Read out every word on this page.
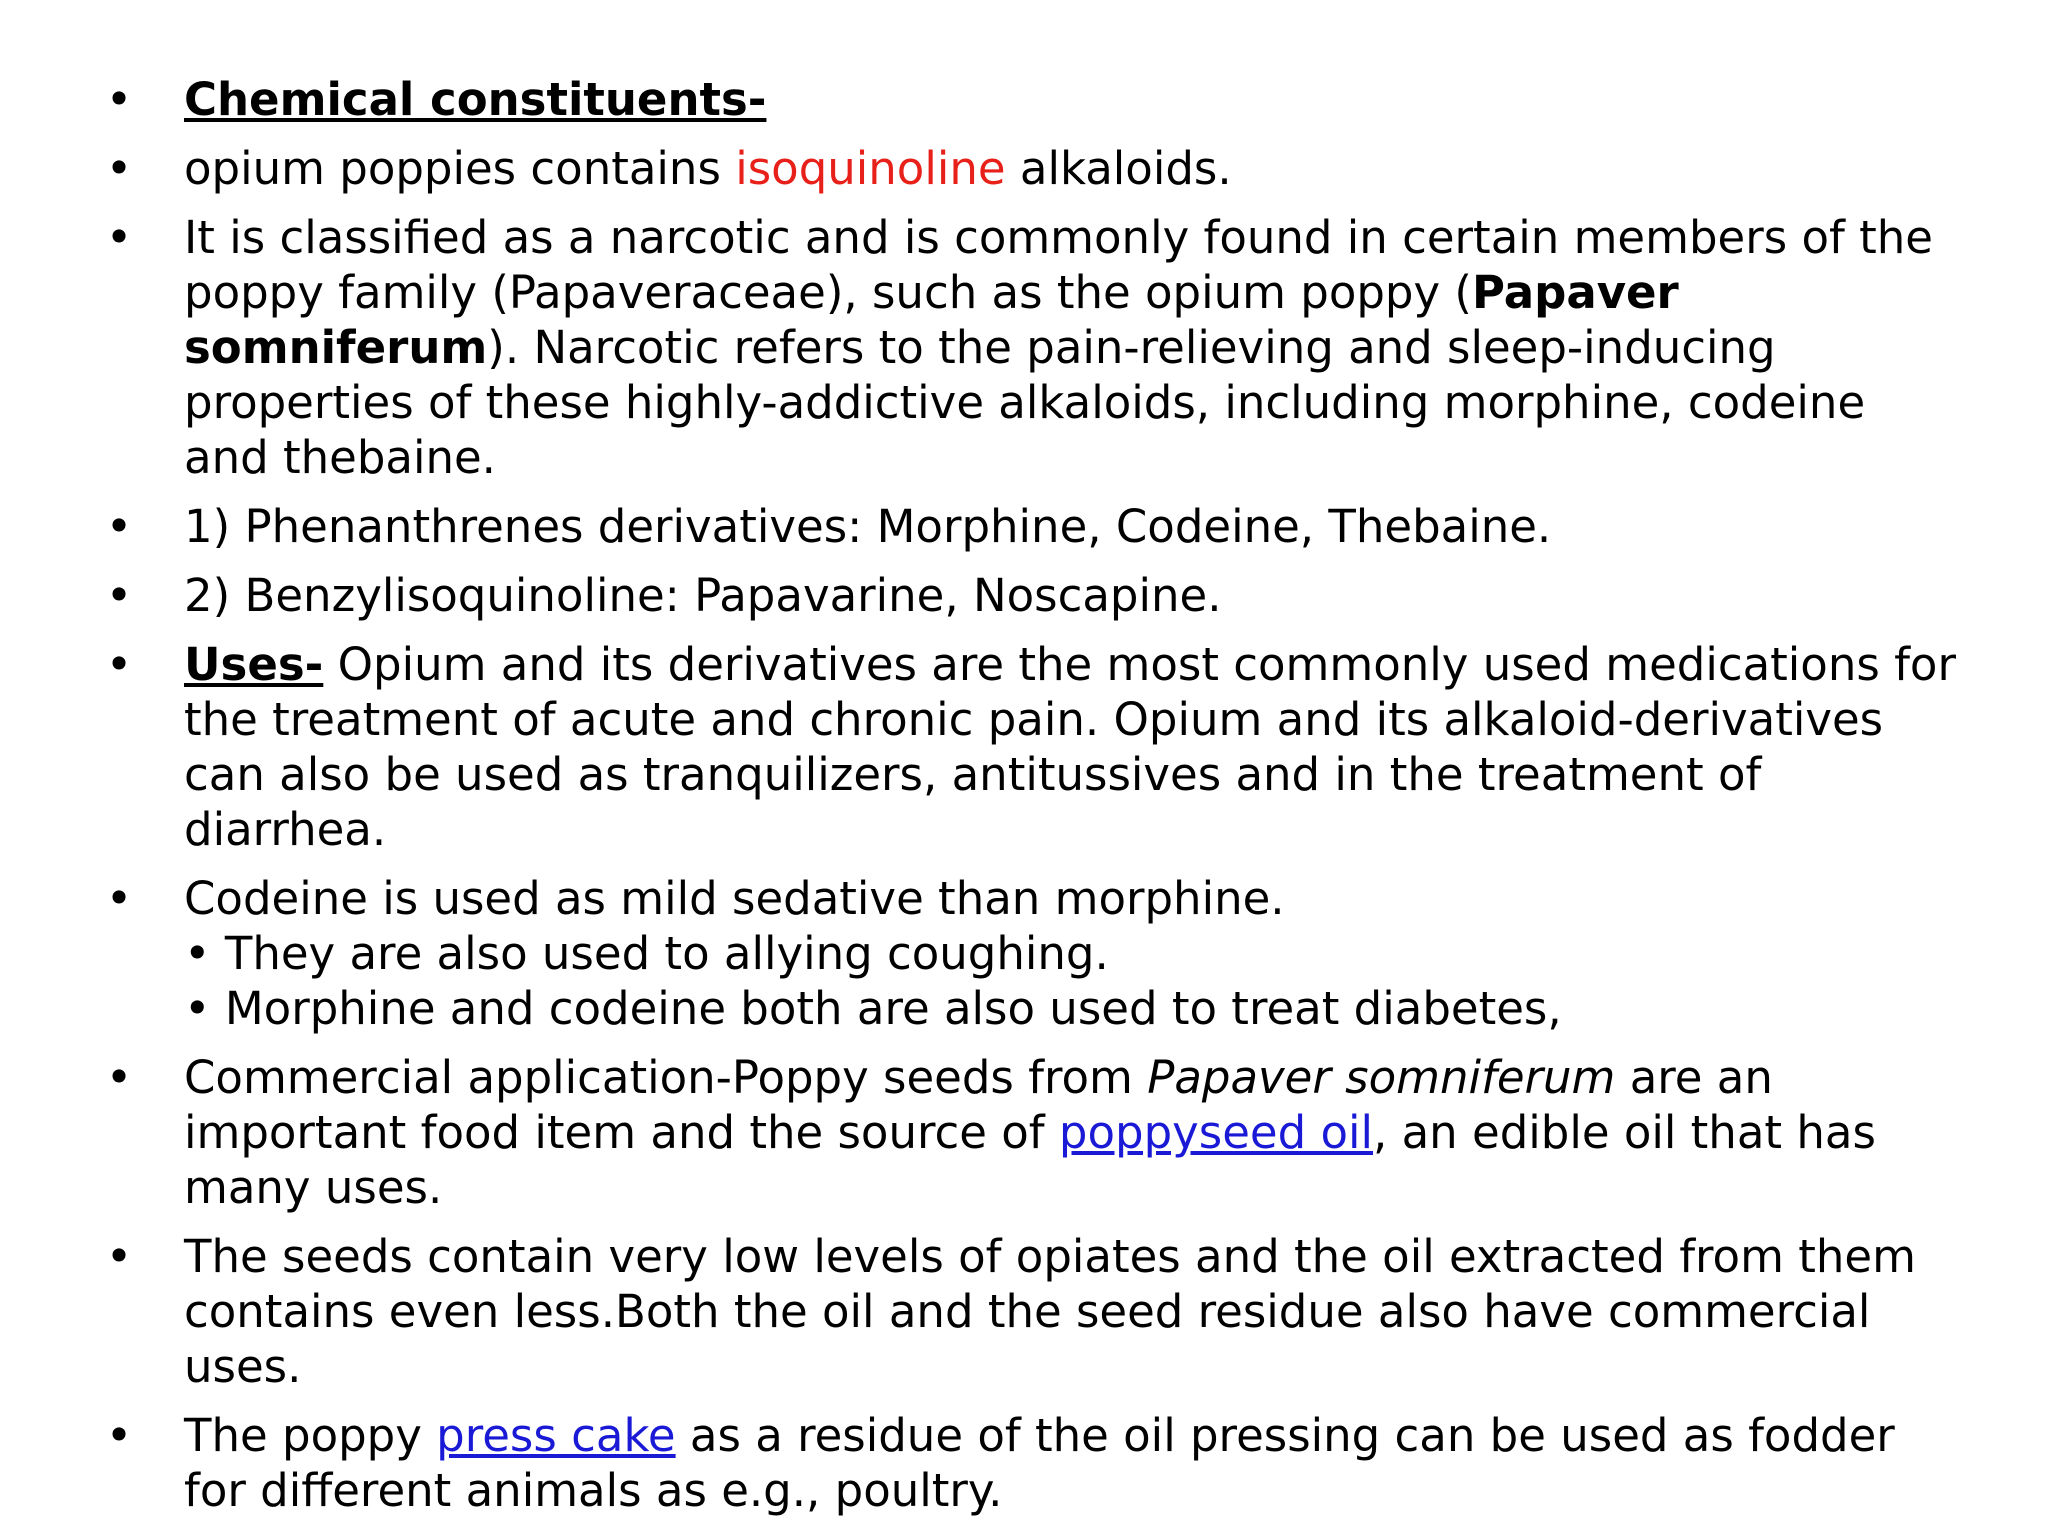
• Chemical constituents-
• opium poppies contains isoquinoline alkaloids.
• It is classified as a narcotic and is commonly found in certain members of the poppy family (Papaveraceae), such as the opium poppy (Papaver somniferum). Narcotic refers to the pain-relieving and sleep-inducing properties of these highly-addictive alkaloids, including morphine, codeine and thebaine.
• 1) Phenanthrenes derivatives: Morphine, Codeine, Thebaine.
• 2) Benzylisoquinoline: Papavarine, Noscapine.
• Uses- Opium and its derivatives are the most commonly used medications for the treatment of acute and chronic pain. Opium and its alkaloid-derivatives can also be used as tranquilizers, antitussives and in the treatment of diarrhea.
• Codeine is used as mild sedative than morphine.
• They are also used to allying coughing.
• Morphine and codeine both are also used to treat diabetes,
• Commercial application-Poppy seeds from Papaver somniferum are an important food item and the source of poppyseed oil, an edible oil that has many uses.
• The seeds contain very low levels of opiates and the oil extracted from them contains even less.Both the oil and the seed residue also have commercial uses.
• The poppy press cake as a residue of the oil pressing can be used as fodder for different animals as e.g., poultry.
